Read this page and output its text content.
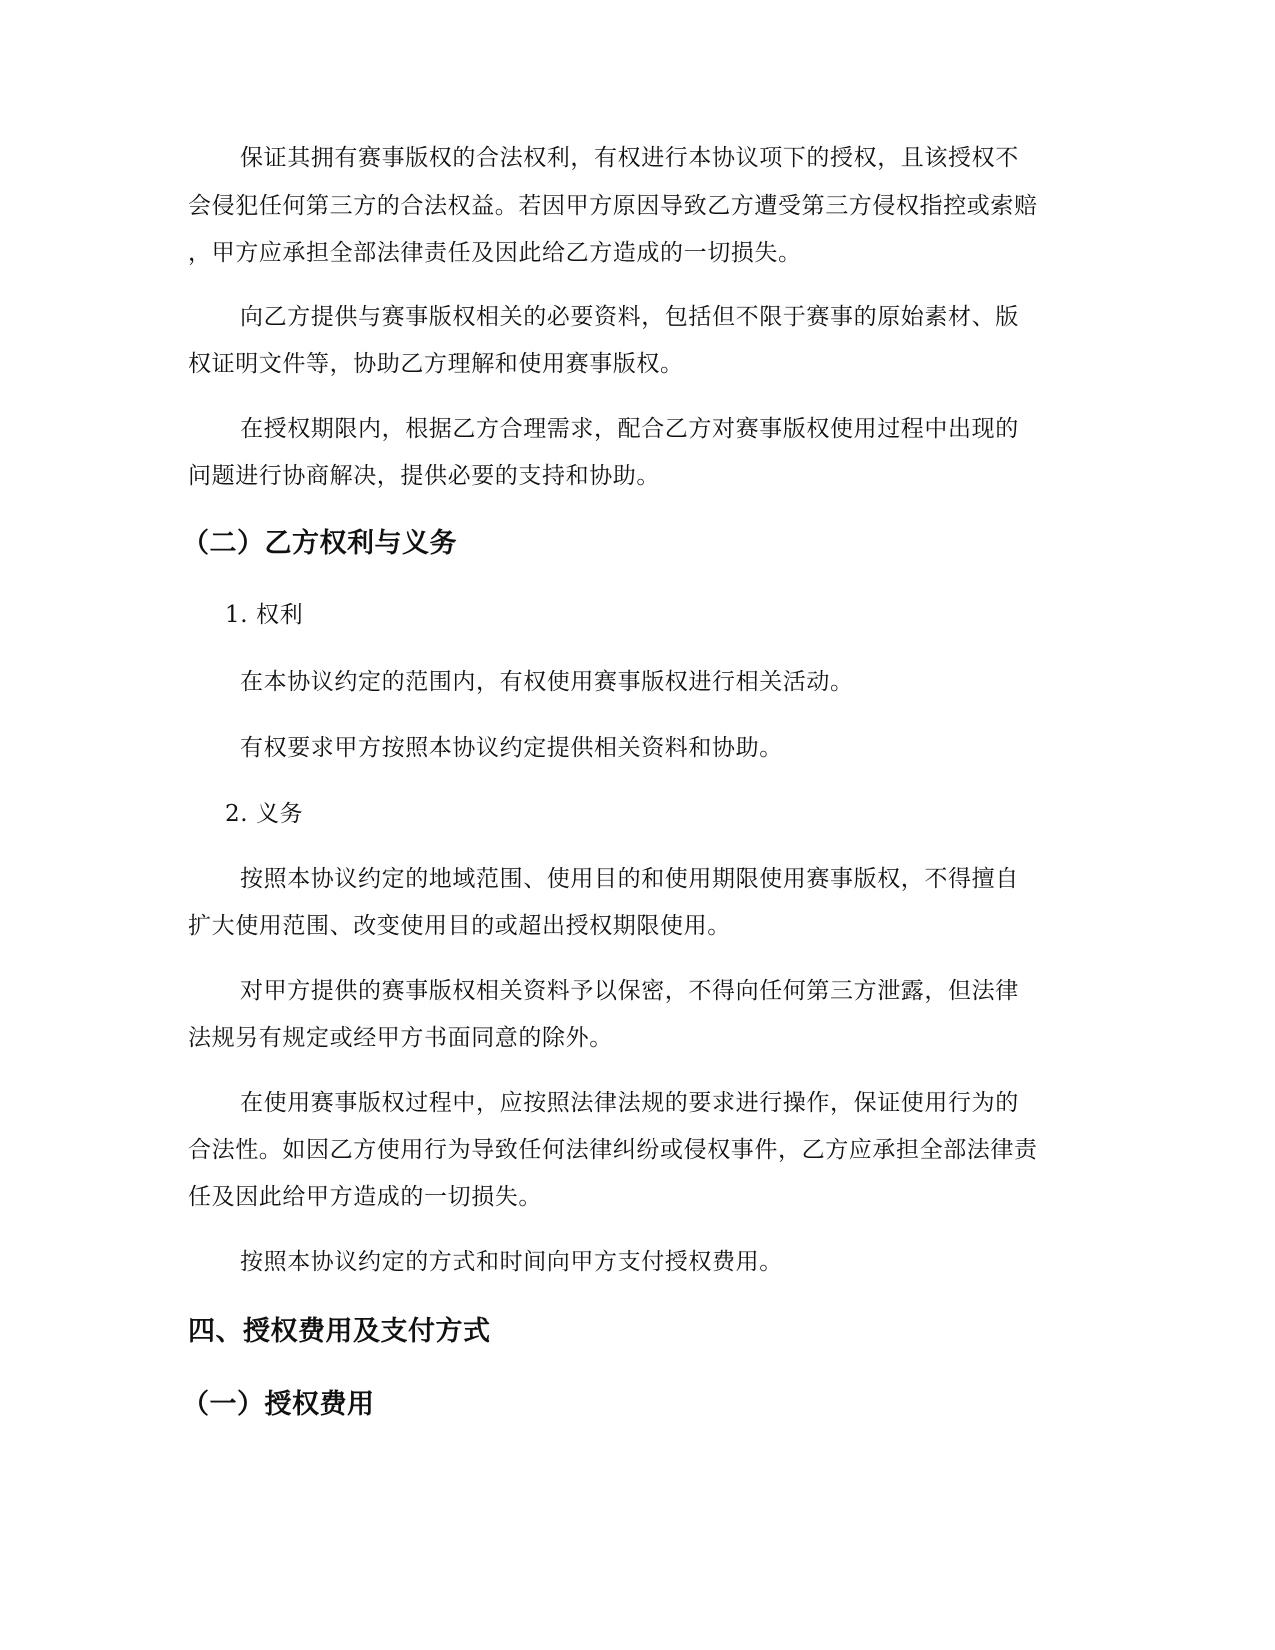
保证其拥有赛事版权的合法权利，有权进行本协议项下的授权，且该授权不
会侵犯任何第三方的合法权益。若因甲方原因导致乙方遭受第三方侵权指控或索赔
，甲方应承担全部法律责任及因此给乙方造成的一切损失。
向乙方提供与赛事版权相关的必要资料，包括但不限于赛事的原始素材、版
权证明文件等，协助乙方理解和使用赛事版权。
在授权期限内，根据乙方合理需求，配合乙方对赛事版权使用过程中出现的
问题进行协商解决，提供必要的支持和协助。
（二）乙方权利与义务
1. 权利
在本协议约定的范围内，有权使用赛事版权进行相关活动。
有权要求甲方按照本协议约定提供相关资料和协助。
2. 义务
按照本协议约定的地域范围、使用目的和使用期限使用赛事版权，不得擅自
扩大使用范围、改变使用目的或超出授权期限使用。
对甲方提供的赛事版权相关资料予以保密，不得向任何第三方泄露，但法律
法规另有规定或经甲方书面同意的除外。
在使用赛事版权过程中，应按照法律法规的要求进行操作，保证使用行为的
合法性。如因乙方使用行为导致任何法律纠纷或侵权事件，乙方应承担全部法律责
任及因此给甲方造成的一切损失。
按照本协议约定的方式和时间向甲方支付授权费用。
四、授权费用及支付方式
（一）授权费用
